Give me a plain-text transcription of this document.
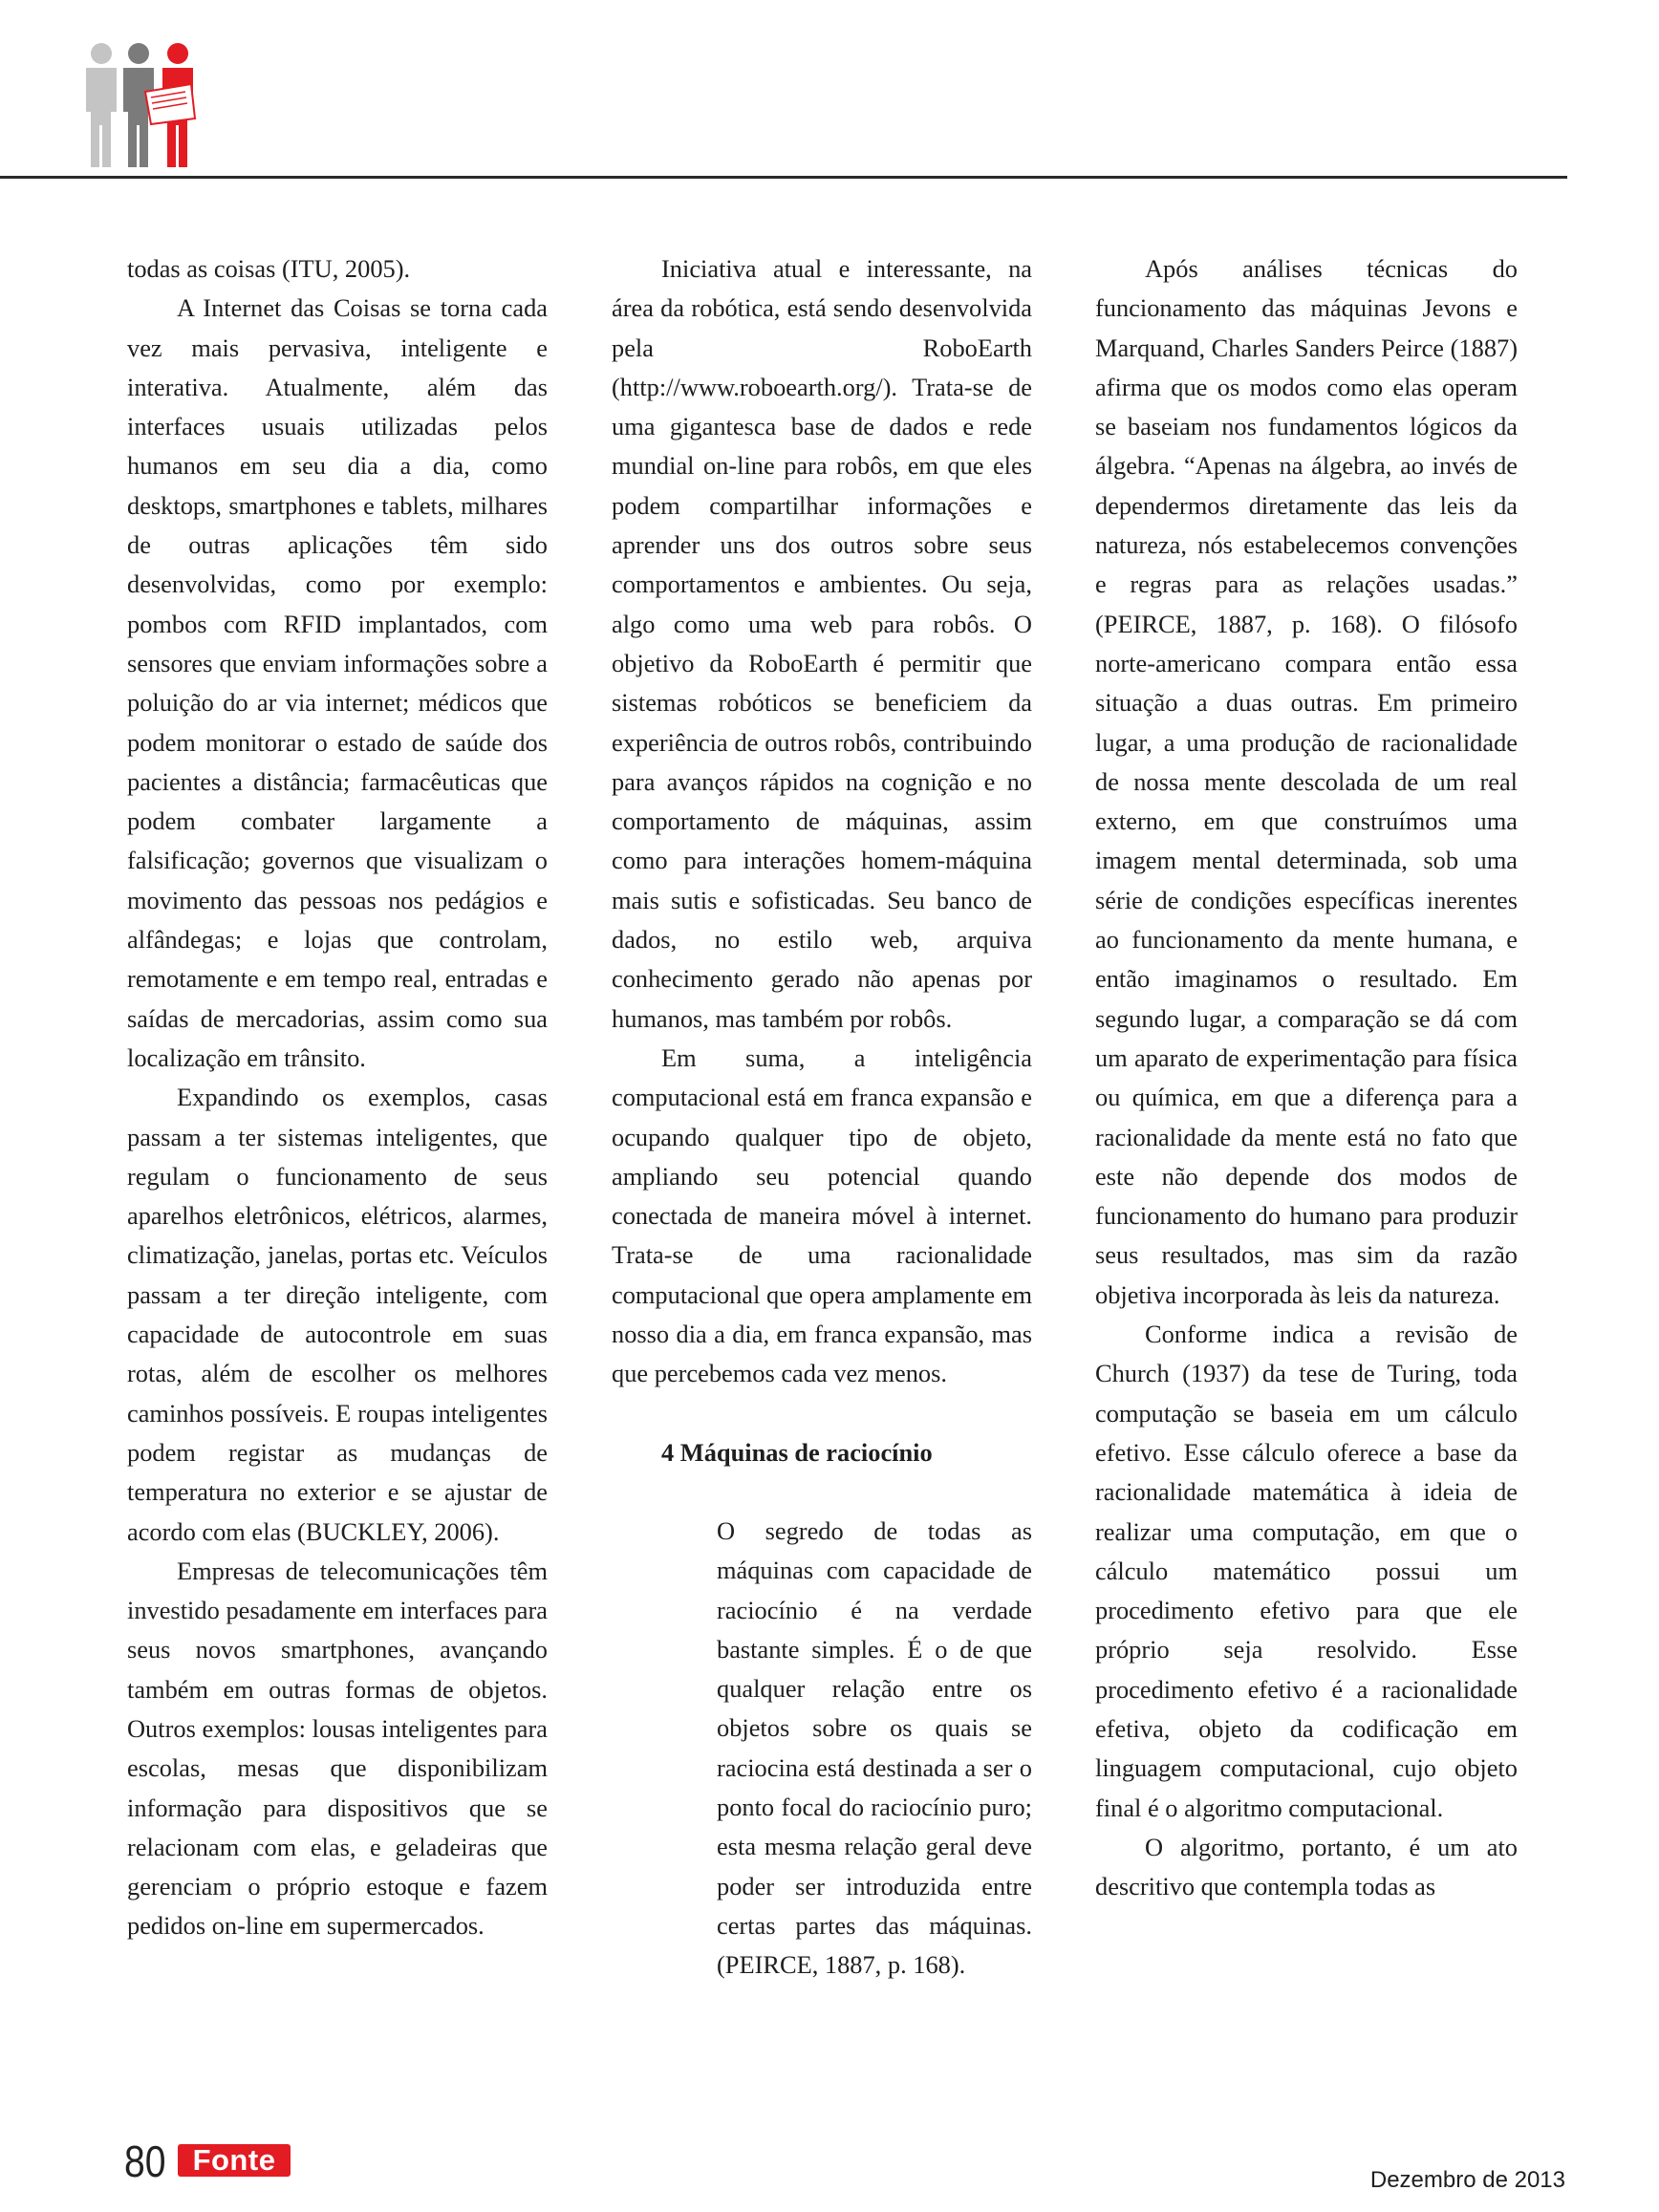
todas as coisas (ITU, 2005).

A Internet das Coisas se torna cada vez mais pervasiva, inteligente e interativa. Atualmente, além das interfaces usuais utilizadas pelos humanos em seu dia a dia, como desktops, smartphones e tablets, milhares de outras aplicações têm sido desenvolvidas, como por exemplo: pombos com RFID implantados, com sensores que enviam informações sobre a poluição do ar via internet; médicos que podem monitorar o estado de saúde dos pacientes a distância; farmacêuticas que podem combater largamente a falsificação; governos que visualizam o movimento das pessoas nos pedágios e alfândegas; e lojas que controlam, remotamente e em tempo real, entradas e saídas de mercadorias, assim como sua localização em trânsito.

Expandindo os exemplos, casas passam a ter sistemas inteligentes, que regulam o funcionamento de seus aparelhos eletrônicos, elétricos, alarmes, climatização, janelas, portas etc. Veículos passam a ter direção inteligente, com capacidade de autocontrole em suas rotas, além de escolher os melhores caminhos possíveis. E roupas inteligentes podem registar as mudanças de temperatura no exterior e se ajustar de acordo com elas (BUCKLEY, 2006).

Empresas de telecomunicações têm investido pesadamente em interfaces para seus novos smartphones, avançando também em outras formas de objetos. Outros exemplos: lousas inteligentes para escolas, mesas que disponibilizam informação para dispositivos que se relacionam com elas, e geladeiras que gerenciam o próprio estoque e fazem pedidos on-line em supermercados.

Iniciativa atual e interessante, na área da robótica, está sendo desenvolvida pela RoboEarth (http://www.roboearth.org/). Trata-se de uma gigantesca base de dados e rede mundial on-line para robôs, em que eles podem compartilhar informações e aprender uns dos outros sobre seus comportamentos e ambientes. Ou seja, algo como uma web para robôs. O objetivo da RoboEarth é permitir que sistemas robóticos se beneficiem da experiência de outros robôs, contribuindo para avanços rápidos na cognição e no comportamento de máquinas, assim como para interações homem-máquina mais sutis e sofisticadas. Seu banco de dados, no estilo web, arquiva conhecimento gerado não apenas por humanos, mas também por robôs.

Em suma, a inteligência computacional está em franca expansão e ocupando qualquer tipo de objeto, ampliando seu potencial quando conectada de maneira móvel à internet. Trata-se de uma racionalidade computacional que opera amplamente em nosso dia a dia, em franca expansão, mas que percebemos cada vez menos.

4 Máquinas de raciocínio

O segredo de todas as máquinas com capacidade de raciocínio é na verdade bastante simples. É o de que qualquer relação entre os objetos sobre os quais se raciocina está destinada a ser o ponto focal do raciocínio puro; esta mesma relação geral deve poder ser introduzida entre certas partes das máquinas. (PEIRCE, 1887, p. 168).

Após análises técnicas do funcionamento das máquinas Jevons e Marquand, Charles Sanders Peirce (1887) afirma que os modos como elas operam se baseiam nos fundamentos lógicos da álgebra. “Apenas na álgebra, ao invés de dependermos diretamente das leis da natureza, nós estabelecemos convenções e regras para as relações usadas.” (PEIRCE, 1887, p. 168). O filósofo norte-americano compara então essa situação a duas outras. Em primeiro lugar, a uma produção de racionalidade de nossa mente descolada de um real externo, em que construímos uma imagem mental determinada, sob uma série de condições específicas inerentes ao funcionamento da mente humana, e então imaginamos o resultado. Em segundo lugar, a comparação se dá com um aparato de experimentação para física ou química, em que a diferença para a racionalidade da mente está no fato que este não depende dos modos de funcionamento do humano para produzir seus resultados, mas sim da razão objetiva incorporada às leis da natureza.

Conforme indica a revisão de Church (1937) da tese de Turing, toda computação se baseia em um cálculo efetivo. Esse cálculo oferece a base da racionalidade matemática à ideia de realizar uma computação, em que o cálculo matemático possui um procedimento efetivo para que ele próprio seja resolvido. Esse procedimento efetivo é a racionalidade efetiva, objeto da codificação em linguagem computacional, cujo objeto final é o algoritmo computacional.

O algoritmo, portanto, é um ato descritivo que contempla todas as

80 Fonte
Dezembro de 2013
